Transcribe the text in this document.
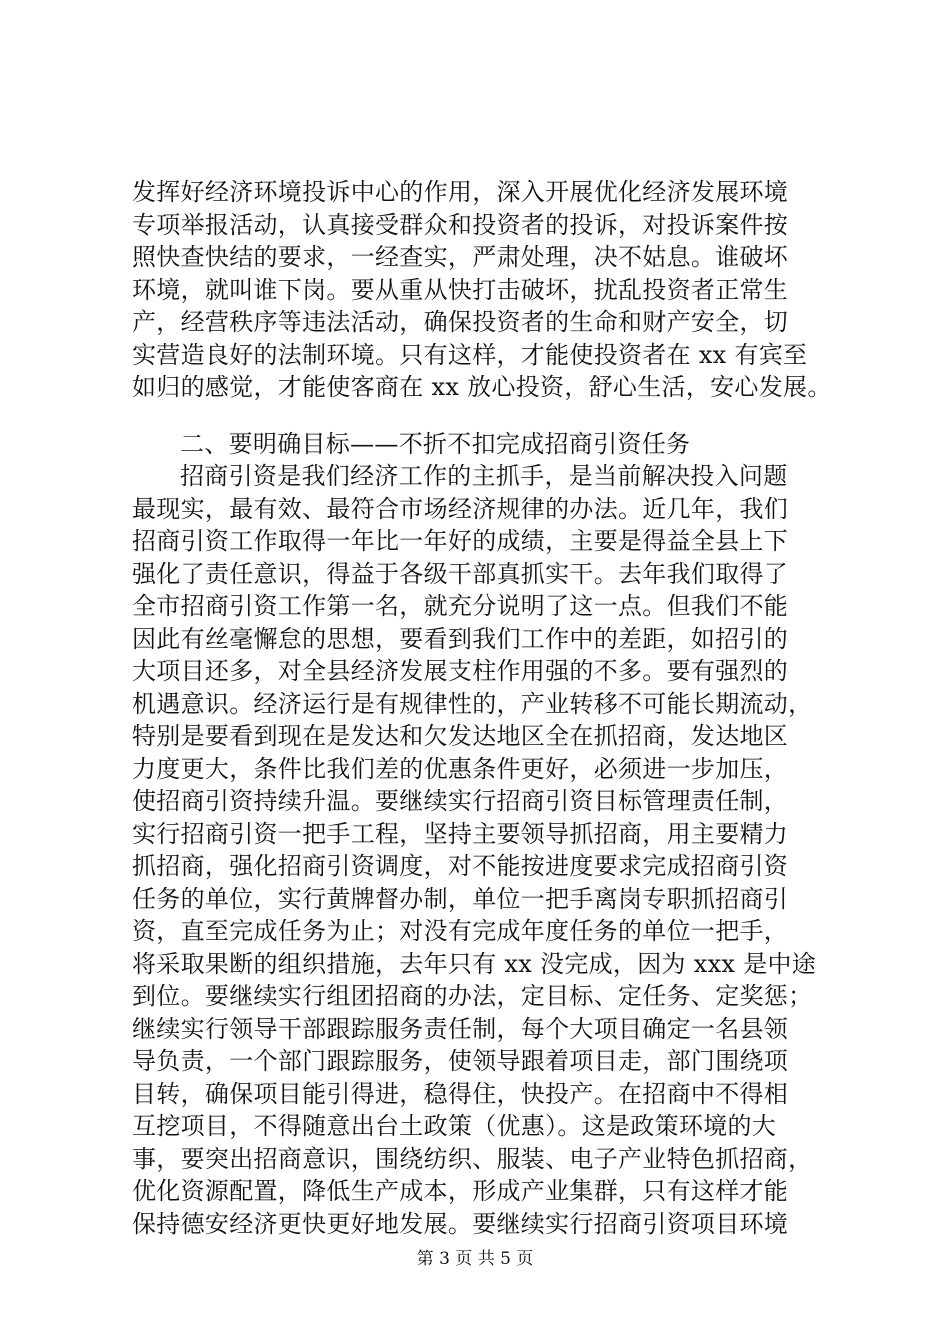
发挥好经济环境投诉中心的作用，深入开展优化经济发展环境
专项举报活动，认真接受群众和投资者的投诉，对投诉案件按
照快查快结的要求，一经查实，严肃处理，决不姑息。谁破坏
环境，就叫谁下岗。要从重从快打击破坏，扰乱投资者正常生
产，经营秩序等违法活动，确保投资者的生命和财产安全，切
实营造良好的法制环境。只有这样，才能使投资者在 xx 有宾至
如归的感觉，才能使客商在 xx 放心投资，舒心生活，安心发展。
二、要明确目标——不折不扣完成招商引资任务
招商引资是我们经济工作的主抓手，是当前解决投入问题
最现实，最有效、最符合市场经济规律的办法。近几年，我们
招商引资工作取得一年比一年好的成绩，主要是得益全县上下
强化了责任意识，得益于各级干部真抓实干。去年我们取得了
全市招商引资工作第一名，就充分说明了这一点。但我们不能
因此有丝毫懈怠的思想，要看到我们工作中的差距，如招引的
大项目还多，对全县经济发展支柱作用强的不多。要有强烈的
机遇意识。经济运行是有规律性的，产业转移不可能长期流动，
特别是要看到现在是发达和欠发达地区全在抓招商，发达地区
力度更大，条件比我们差的优惠条件更好，必须进一步加压，
使招商引资持续升温。要继续实行招商引资目标管理责任制，
实行招商引资一把手工程，坚持主要领导抓招商，用主要精力
抓招商，强化招商引资调度，对不能按进度要求完成招商引资
任务的单位，实行黄牌督办制，单位一把手离岗专职抓招商引
资，直至完成任务为止；对没有完成年度任务的单位一把手，
将采取果断的组织措施，去年只有 xx 没完成，因为 xxx 是中途
到位。要继续实行组团招商的办法，定目标、定任务、定奖惩；
继续实行领导干部跟踪服务责任制，每个大项目确定一名县领
导负责，一个部门跟踪服务，使领导跟着项目走，部门围绕项
目转，确保项目能引得进，稳得住，快投产。在招商中不得相
互挖项目，不得随意出台土政策（优惠）。这是政策环境的大
事，要突出招商意识，围绕纺织、服装、电子产业特色抓招商，
优化资源配置，降低生产成本，形成产业集群，只有这样才能
保持德安经济更快更好地发展。要继续实行招商引资项目环境
第 3 页 共 5 页
